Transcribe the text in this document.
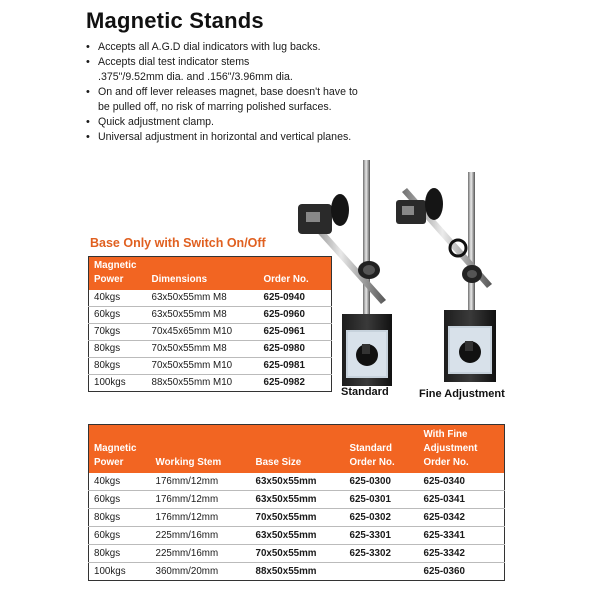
Magnetic Stands
• Accepts all A.G.D dial indicators with lug backs.
• Accepts dial test indicator stems
.375"/9.52mm dia. and .156"/3.96mm dia.
• On and off lever releases magnet, base doesn't have to
be pulled off, no risk of marring polished surfaces.
• Quick adjustment clamp.
• Universal adjustment in horizontal and vertical planes.
Base Only with Switch On/Off
Magnetic
Power	Dimensions	Order No.
40kgs	63x50x55mm M8	625-0940
60kgs	63x50x55mm M8	625-0960
70kgs	70x45x65mm M10	625-0961
80kgs	70x50x55mm M8	625-0980
80kgs	70x50x55mm M10	625-0981
100kgs	88x50x55mm M10	625-0982
Standard	Fine Adjustment
Magnetic
Power	Working Stem	Base Size	Standard
Order No.	With Fine
Adjustment
Order No.
40kgs	176mm/12mm	63x50x55mm	625-0300	625-0340
60kgs	176mm/12mm	63x50x55mm	625-0301	625-0341
80kgs	176mm/12mm	70x50x55mm	625-0302	625-0342
60kgs	225mm/16mm	63x50x55mm	625-3301	625-3341
80kgs	225mm/16mm	70x50x55mm	625-3302	625-3342
100kgs	360mm/20mm	88x50x55mm		625-0360
